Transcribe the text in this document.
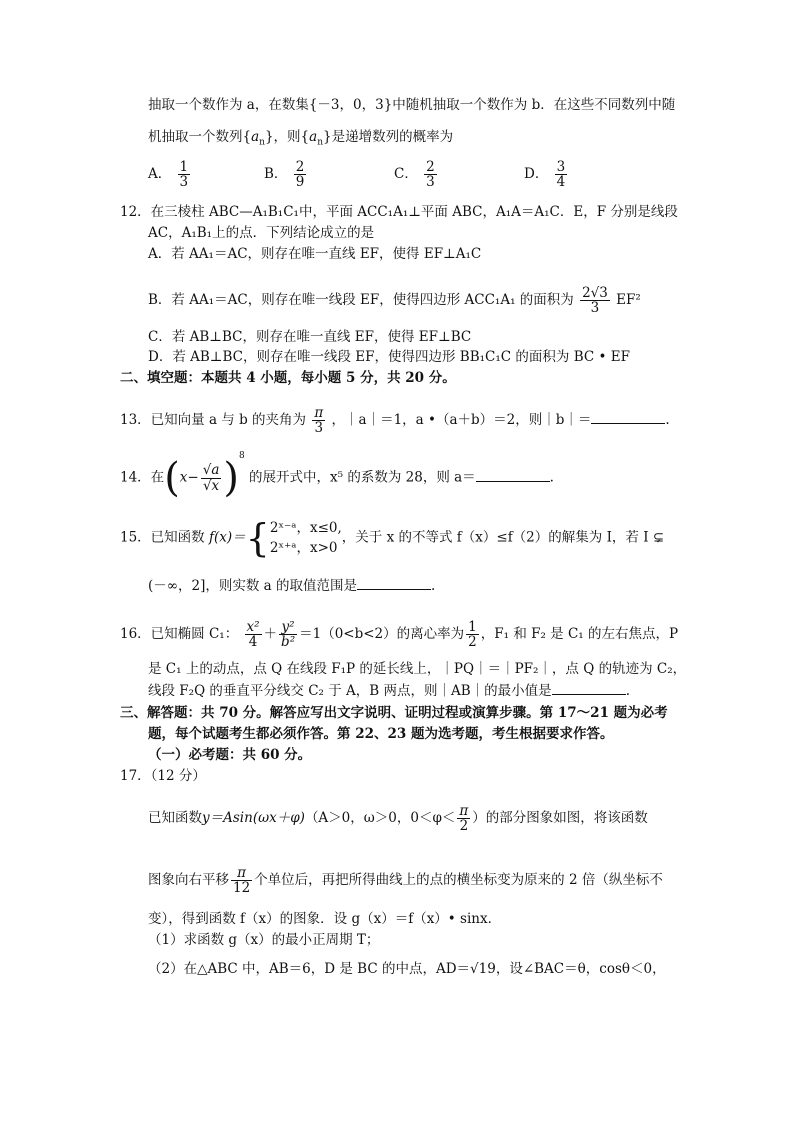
抽取一个数作为 a，在数集{－3，0，3}中随机抽取一个数作为 b．在这些不同数列中随
机抽取一个数列$\{a_n\}$，则$\{a_n\}$是递增数列的概率为
A． $\frac{1}{3}$	B． $\frac{2}{9}$	C． $\frac{2}{3}$	D． $\frac{3}{4}$
12．在三棱柱 ABC—A₁B₁C₁中，平面 ACC₁A₁⊥平面 ABC，A₁A＝A₁C．E，F 分别是线段
AC，A₁B₁上的点．下列结论成立的是
A．若 AA₁＝AC，则存在唯一直线 EF，使得 EF⊥A₁C
B．若 AA₁＝AC，则存在唯一线段 EF，使得四边形 ACC₁A₁ 的面积为 $\frac{2√3}{3} EF^2$
C．若 AB⊥BC，则存在唯一直线 EF，使得 EF⊥BC
D．若 AB⊥BC，则存在唯一线段 EF，使得四边形 BB₁C₁C 的面积为 BC • EF
二、填空题：本题共 4 小题，每小题 5 分，共 20 分。
13．已知向量 a 与 b 的夹角为 $\frac{\pi}{3}$ ，｜a｜＝1，a •（a＋b）＝2，则｜b｜＝	.
14．在$(x- \frac{√a}{√x} )^8$ 的展开式中，x⁵ 的系数为 28，则 a＝	.
15．已知函数 f(x)＝{ 2ˣ⁻ᵃ，x≤0,
2ˣ⁺ᵃ，x>0
，关于 x 的不等式 f（x）≤f（2）的解集为 I，若 I ⊊
(－∞，2]，则实数 a 的取值范围是	.
16．已知椭圆 C₁： $\frac{\text{x²}}{4} + \frac{\text{y²}}{\text{b²}} =1(0<b<2)$的离心率为 $\frac{1}{2}$ ，F₁ 和 F₂ 是 C₁ 的左右焦点，P
是 C₁ 上的动点，点 Q 在线段 F₁P 的延长线上，｜PQ｜＝｜PF₂｜，点 Q 的轨迹为 C₂，
线段 F₂Q 的垂直平分线交 C₂ 于 A，B 两点，则｜AB｜的最小值是	.
三、解答题：共 70 分。解答应写出文字说明、证明过程或演算步骤。第 17～21 题为必考
题，每个试题考生都必须作答。第 22、23 题为选考题，考生根据要求作答。
（一）必考题：共 60 分。
17．（12 分）
已知函数y＝Asin(ωx＋φ)（A＞0，ω＞0，$0<\varphi< \frac{\pi}{2}$ ）的部分图象如图，将该函数
图象向右平移 $\frac{\pi}{12}$ 个单位后，再把所得曲线上的点的横坐标变为原来的 2 倍（纵坐标不
变），得到函数 f（x）的图象．设 g（x）＝f（x）• sinx．
（1）求函数 g（x）的最小正周期 T；
（2）在△ABC 中，AB＝6，D 是 BC 的中点，AD＝√19，设∠BAC＝θ，cosθ＜0，
